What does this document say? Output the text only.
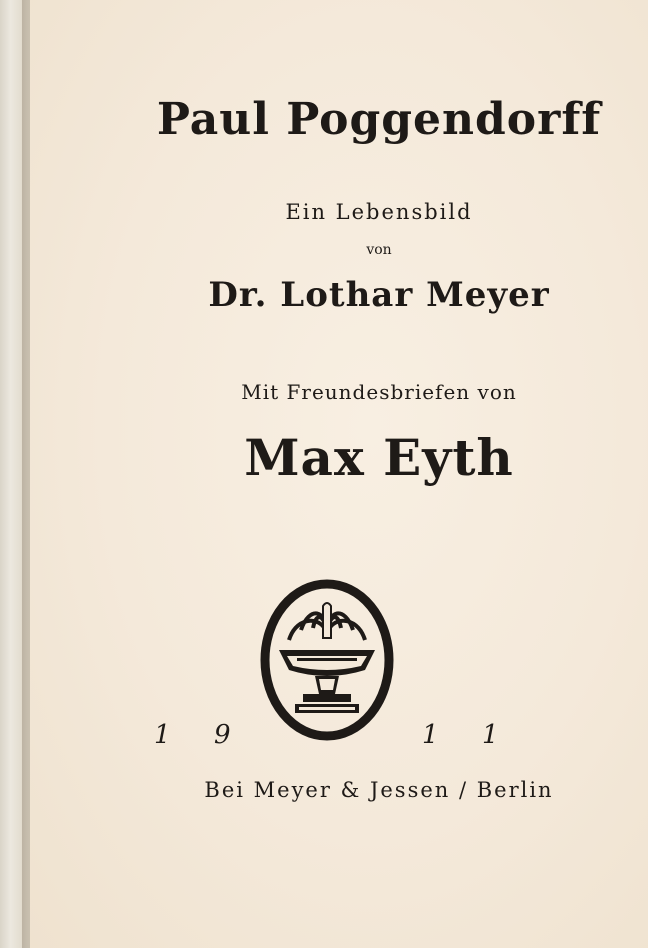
Paul Poggendorff
Ein Lebensbild
von
Dr. Lothar Meyer
Mit Freundesbriefen von
Max Eyth
1 9	1 1
Bei Meyer & Jessen / Berlin
